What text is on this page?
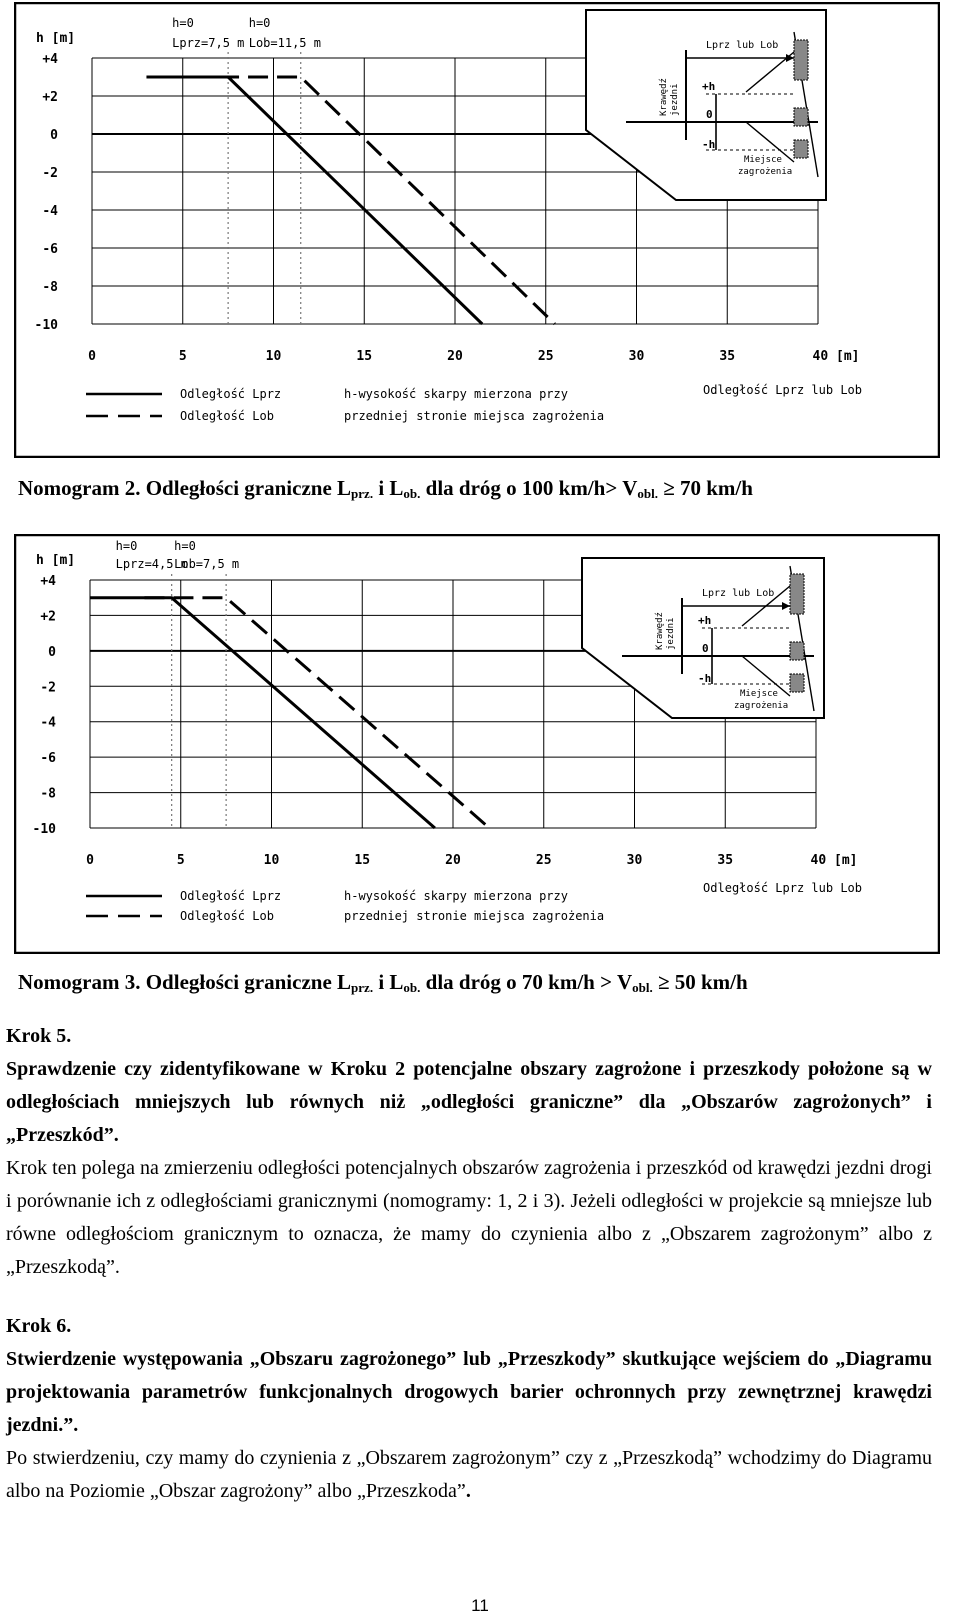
+4
+2
0
-2
-4
-6
-8
-10
h [m]
0	5	10	15	20	25	30	35	40 [m]
h=0
Lprz=7,5 m
h=0
Lob=11,5 m	Lprz lub Lob
+h
0
-h
Miejsce
zagrożenia
Krawędź jezdni
Odległość Lprz
Odległość Lob
h-wysokość skarpy mierzona przy
przedniej stronie miejsca zagrożenia
Odległość Lprz lub Lob
Nomogram 2. Odległości graniczne $L_{prz.}$ i $L_{ob.}$ dla dróg o 100 $km/h> V_{obl.} \ge 70$ km/h
+4
+2
0
-2
-4
-6
-8
-10
h [m]
0	5	10	15	20	25	30	35	40 [m]
h=0
Lprz=4,5 m
h=0
Lob=7,5 m
Lprz lub Lob
+h
0
-h
Miejsce
zagrożenia
Krawędź jezdni
Odległość Lprz
Odległość Lob
h-wysokość skarpy mierzona przy
przedniej stronie miejsca zagrożenia
Odległość Lprz lub Lob
Nomogram 3. Odległości graniczne $L_{prz.}$ i $L_{ob.}$ dla dróg o 70 $km/h > V_{obl.} \ge 50$ km/h

Krok 5.

Sprawdzenie czy zidentyfikowane w Kroku 2 potencjalne obszary zagrożone i przeszkody położone są w odległościach mniejszych lub równych niż „odległości graniczne” dla „Obszarów zagrożonych” i „Przeszkód”.

Krok ten polega na zmierzeniu odległości potencjalnych obszarów zagrożenia i przeszkód od krawędzi jezdni drogi i porównanie ich z odległościami granicznymi (nomogramy: 1, 2 i 3). Jeżeli odległości w projekcie są mniejsze lub równe odległościom granicznym to oznacza, że mamy do czynienia albo z „Obszarem zagrożonym” albo z „Przeszkodą”.

Krok 6.

Stwierdzenie występowania „Obszaru zagrożonego” lub „Przeszkody” skutkujące wejściem do „Diagramu projektowania parametrów funkcjonalnych drogowych barier ochronnych przy zewnętrznej krawędzi jezdni.”.

Po stwierdzeniu, czy mamy do czynienia z „Obszarem zagrożonym” czy z „Przeszkodą” wchodzimy do Diagramu albo na Poziomie „Obszar zagrożony” albo „Przeszkoda”.

11
